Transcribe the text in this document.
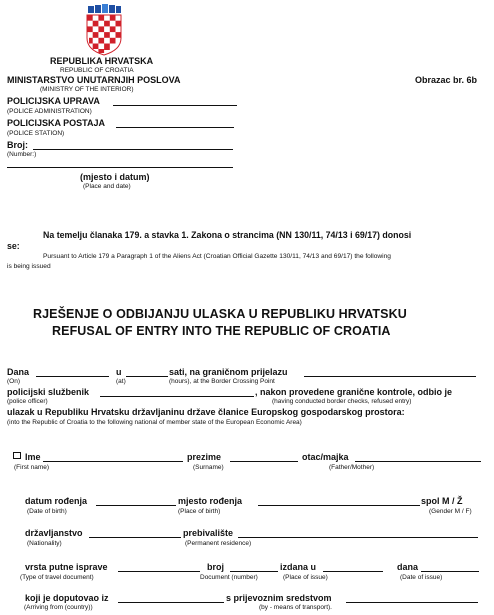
REPUBLIKA HRVATSKA
REPUBLIC OF CROATIA
MINISTARSTVO UNUTARNJIH POSLOVA
(MINISTRY OF THE INTERIOR)
Obrazac br. 6b
POLICIJSKA UPRAVA
(POLICE ADMINISTRATION)
POLICIJSKA POSTAJA
(POLICE STATION)
Broj:
(Number:)
(mjesto i datum)
(Place and date)
Na temelju članaka 179. a stavka 1. Zakona o strancima (NN 130/11, 74/13 i 69/17) donosi
se:
Pursuant to Article 179 a Paragraph 1 of the Aliens Act (Croatian Official Gazette 130/11, 74/13 and 69/17) the following
is being issued
RJEŠENJE O ODBIJANJU ULASKA U REPUBLIKU HRVATSKU
REFUSAL OF ENTRY INTO THE REPUBLIC OF CROATIA
Dana	u	sati, na graničnom prijelazu
(On)	(at)	(hours), at the Border Crossing Point
policijski službenik	, nakon provedene granične kontrole, odbio je
(police officer)	(having conducted border checks, refused entry)
ulazak u Republiku Hrvatsku državljaninu države članice Europskog gospodarskog prostora:
(into the Republic of Croatia to the following national of member state of the European Economic Area)
Ime	prezime	otac/majka
(First name)	(Surname)	(Father/Mother)
datum rođenja	mjesto rođenja	spol M / Ž
(Date of birth)	(Place of birth)	(Gender M / F)
državljanstvo	prebivalište
(Nationality)	(Permanent residence)
vrsta putne isprave	broj	izdana u	dana
(Type of travel document)	Document (number)	(Place of issue)	(Date of issue)
koji je doputovao iz	s prijevoznim sredstvom
(Arriving from (country))	(by - means of transport).
